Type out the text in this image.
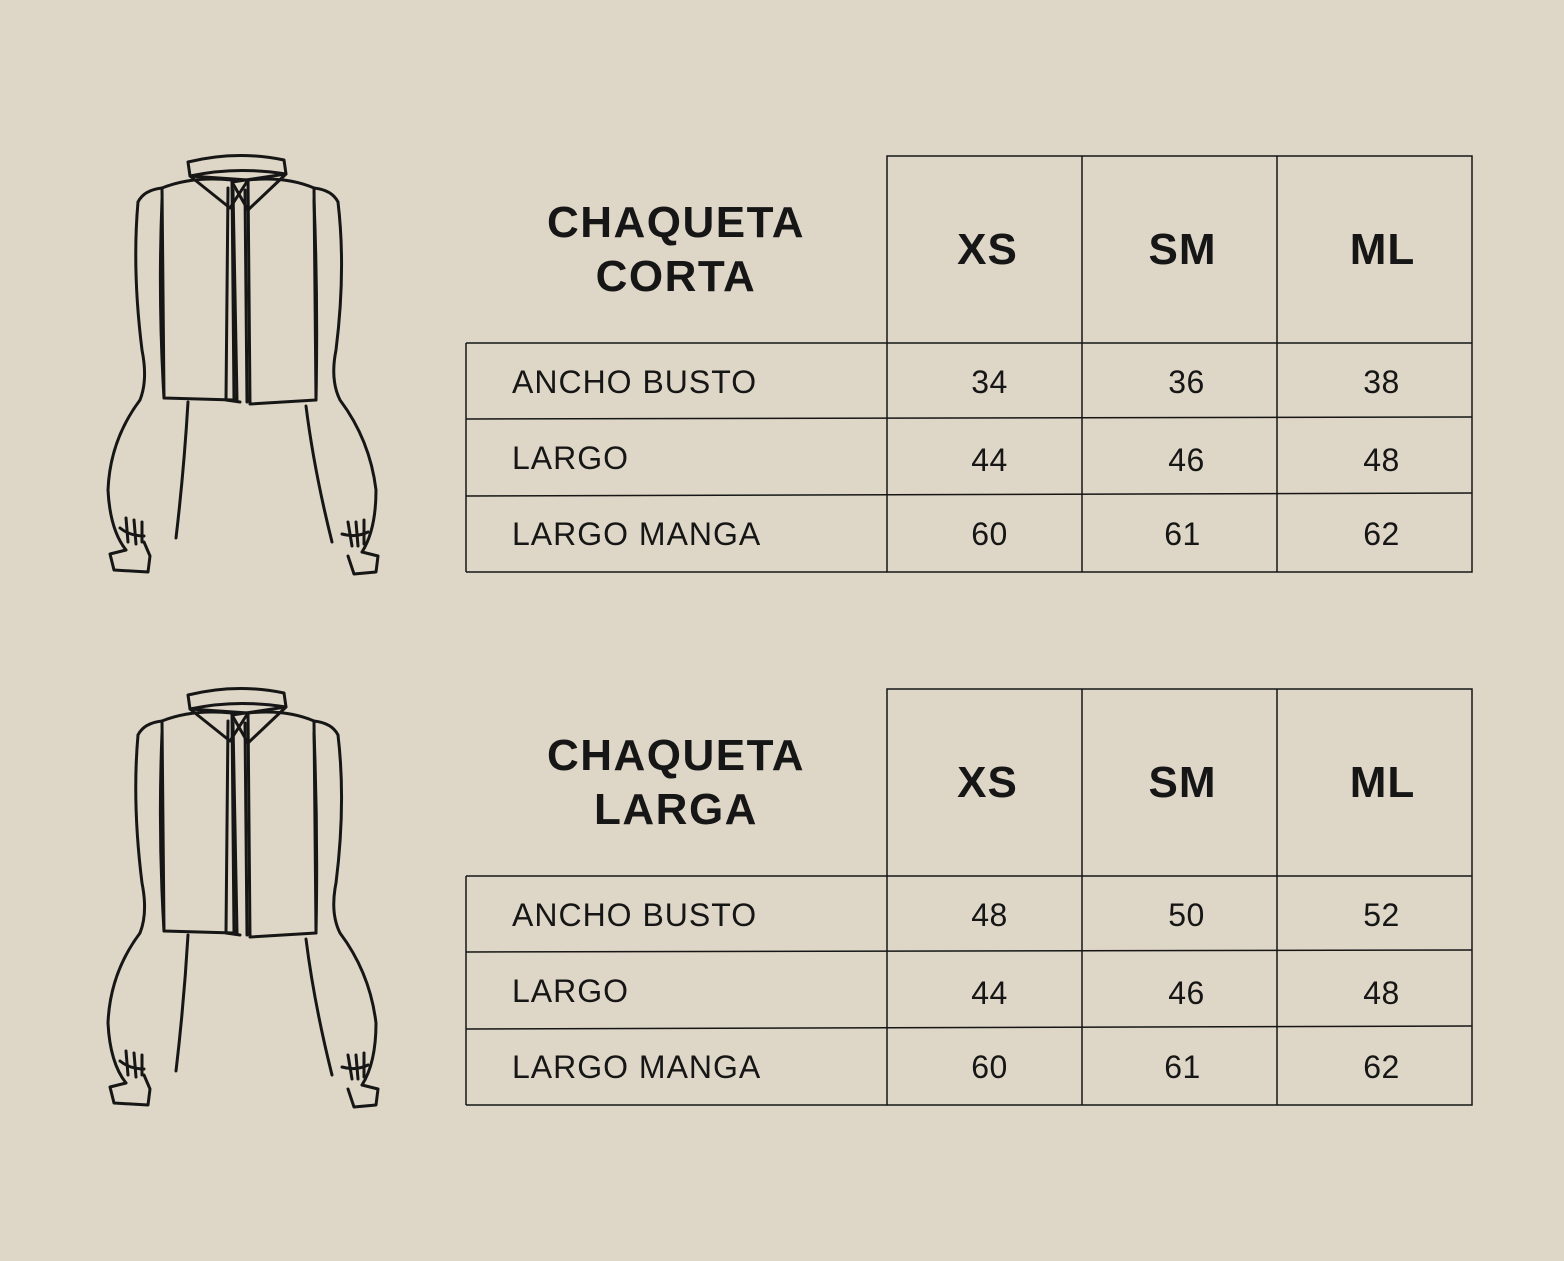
CHAQUETA
CORTA
XS	SM	ML
ANCHO BUSTO	34	36	38
LARGO	44	46	48
LARGO MANGA	60	61	62
CHAQUETA
LARGA
XS	SM	ML
ANCHO BUSTO	48	50	52
LARGO	44	46	48
LARGO MANGA	60	61	62
